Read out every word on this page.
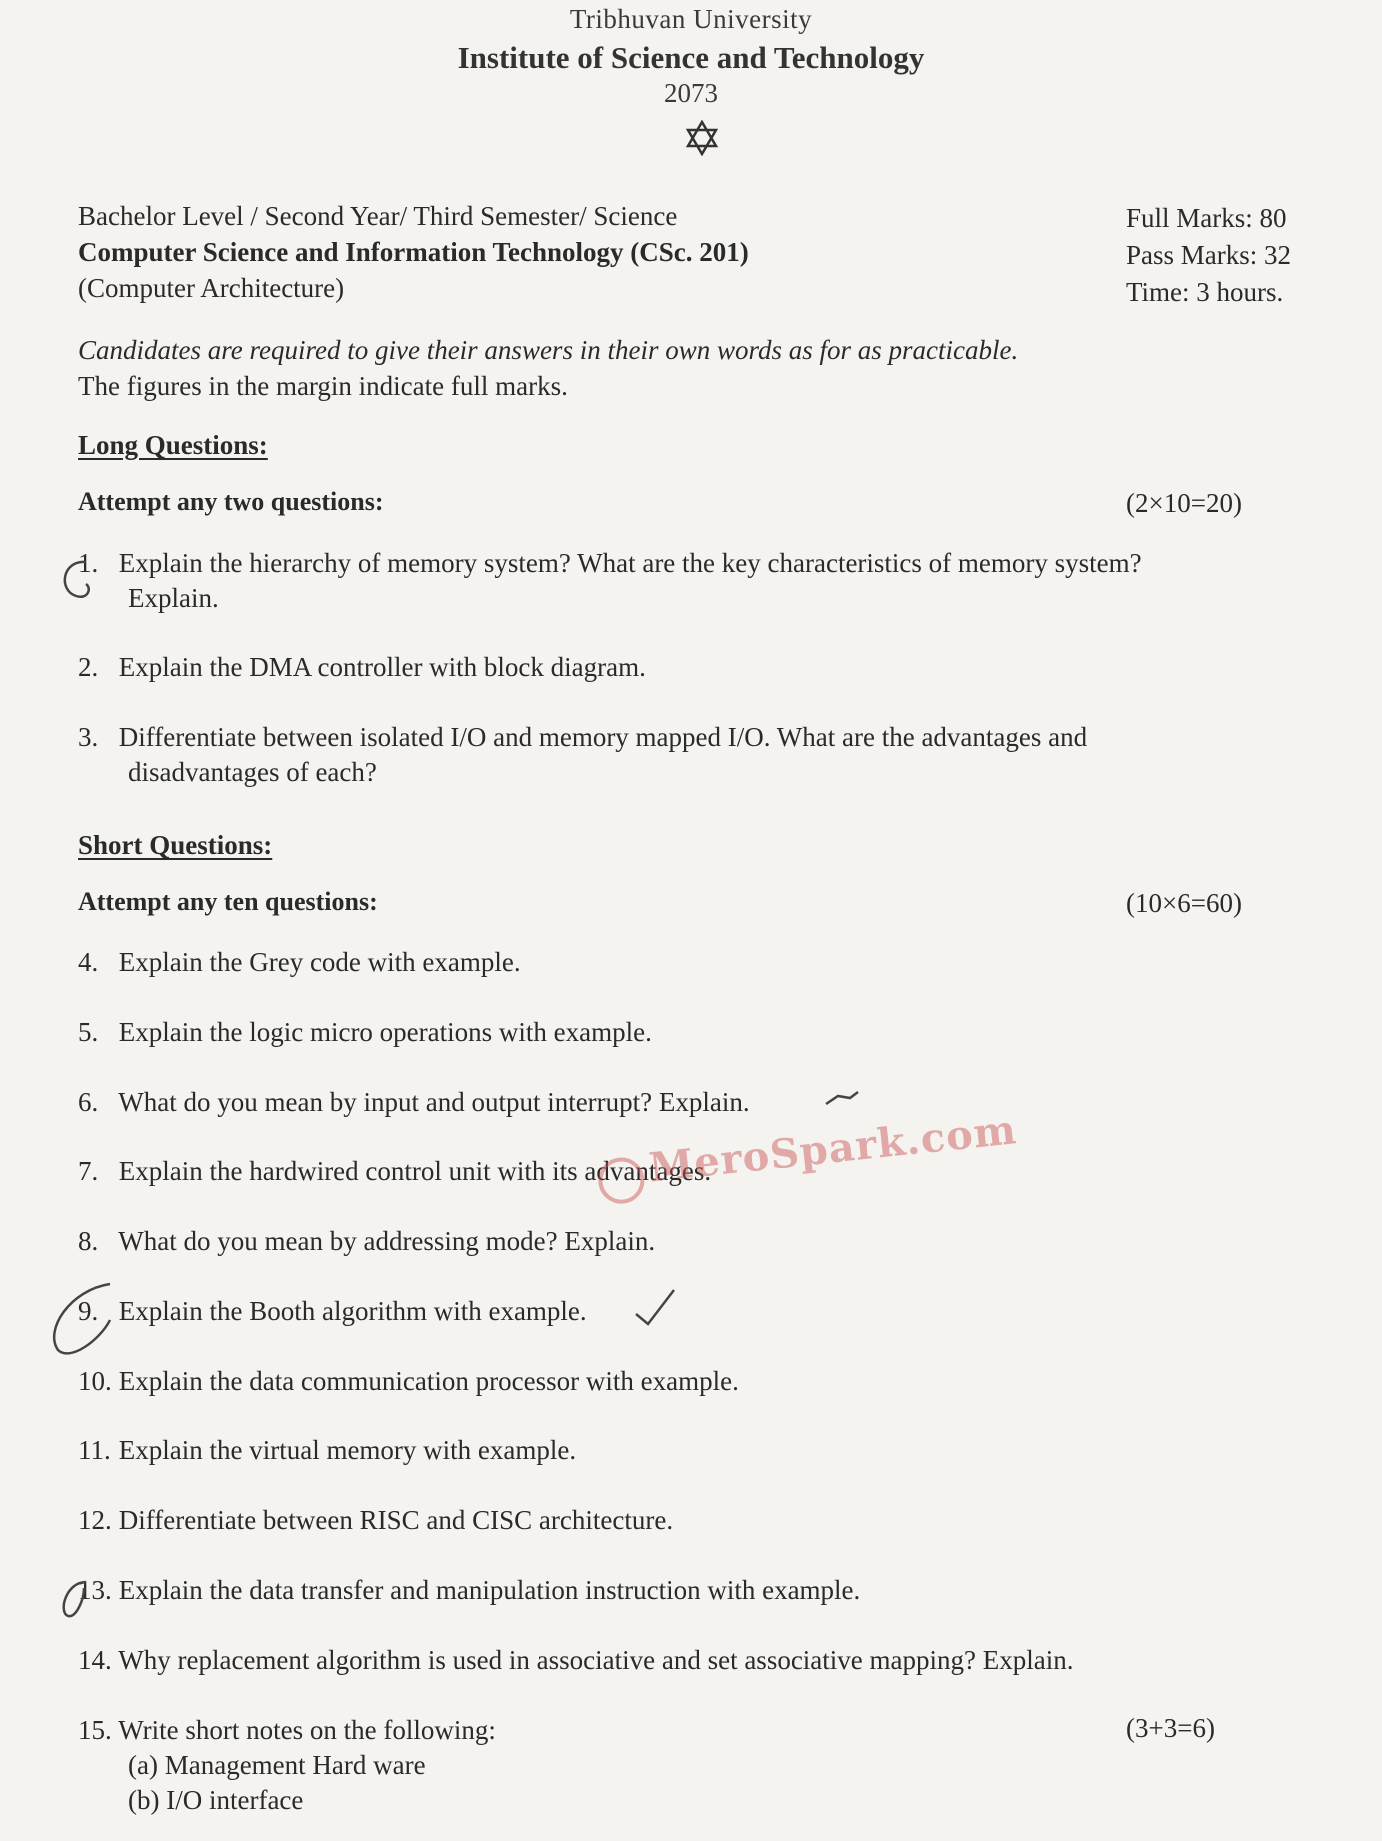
Tribhuvan University
Institute of Science and Technology
2073
Bachelor Level / Second Year/ Third Semester/ Science
Computer Science and Information Technology (CSc. 201)
(Computer Architecture)
Full Marks: 80
Pass Marks: 32
Time: 3 hours.
Candidates are required to give their answers in their own words as for as practicable.
The figures in the margin indicate full marks.
Long Questions:
Attempt any two questions:	(2×10=20)
1. Explain the hierarchy of memory system? What are the key characteristics of memory system?
Explain.
2. Explain the DMA controller with block diagram.
3. Differentiate between isolated I/O and memory mapped I/O. What are the advantages and
disadvantages of each?
Short Questions:
Attempt any ten questions:	(10×6=60)
4. Explain the Grey code with example.
5. Explain the logic micro operations with example.
6. What do you mean by input and output interrupt? Explain.
7. Explain the hardwired control unit with its advantages.
8. What do you mean by addressing mode? Explain.
9. Explain the Booth algorithm with example.
10. Explain the data communication processor with example.
11. Explain the virtual memory with example.
12. Differentiate between RISC and CISC architecture.
13. Explain the data transfer and manipulation instruction with example.
14. Why replacement algorithm is used in associative and set associative mapping? Explain.
15. Write short notes on the following:
(a) Management Hard ware
(b) I/O interface
(3+3=6)
MeroSpark.com
